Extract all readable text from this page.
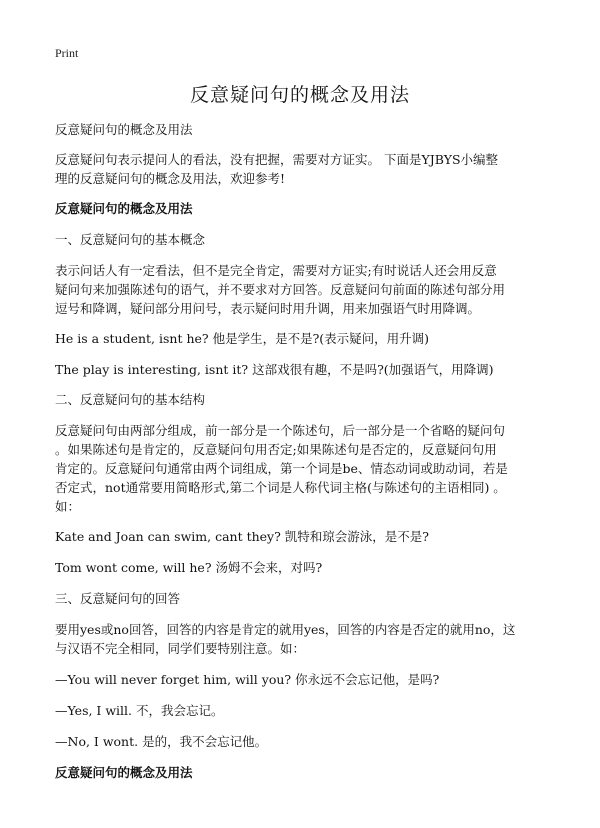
Print
反意疑问句的概念及用法

反意疑问句的概念及用法

反意疑问句表示提问人的看法，没有把握，需要对方证实。 下面是YJBYS小编整

理的反意疑问句的概念及用法，欢迎参考!

反意疑问句的概念及用法

一、反意疑问句的基本概念

表示问话人有一定看法，但不是完全肯定，需要对方证实;有时说话人还会用反意

疑问句来加强陈述句的语气，并不要求对方回答。反意疑问句前面的陈述句部分用

逗号和降调，疑问部分用问号，表示疑问时用升调，用来加强语气时用降调。

He is a student, isnt he? 他是学生，是不是?(表示疑问，用升调)

The play is interesting, isnt it? 这部戏很有趣，不是吗?(加强语气，用降调)

二、反意疑问句的基本结构

反意疑问句由两部分组成，前一部分是一个陈述句，后一部分是一个省略的疑问句

。如果陈述句是肯定的，反意疑问句用否定;如果陈述句是否定的，反意疑问句用

肯定的。反意疑问句通常由两个词组成，第一个词是be、情态动词或助动词，若是

否定式，not通常要用简略形式,第二个词是人称代词主格(与陈述句的主语相同) 。

如：

Kate and Joan can swim, cant they? 凯特和琼会游泳，是不是?

Tom wont come, will he? 汤姆不会来，对吗?

三、反意疑问句的回答

要用yes或no回答，回答的内容是肯定的就用yes，回答的内容是否定的就用no，这

与汉语不完全相同，同学们要特别注意。如：

—You will never forget him, will you? 你永远不会忘记他，是吗?

—Yes, I will. 不，我会忘记。

—No, I wont. 是的，我不会忘记他。

反意疑问句的概念及用法
